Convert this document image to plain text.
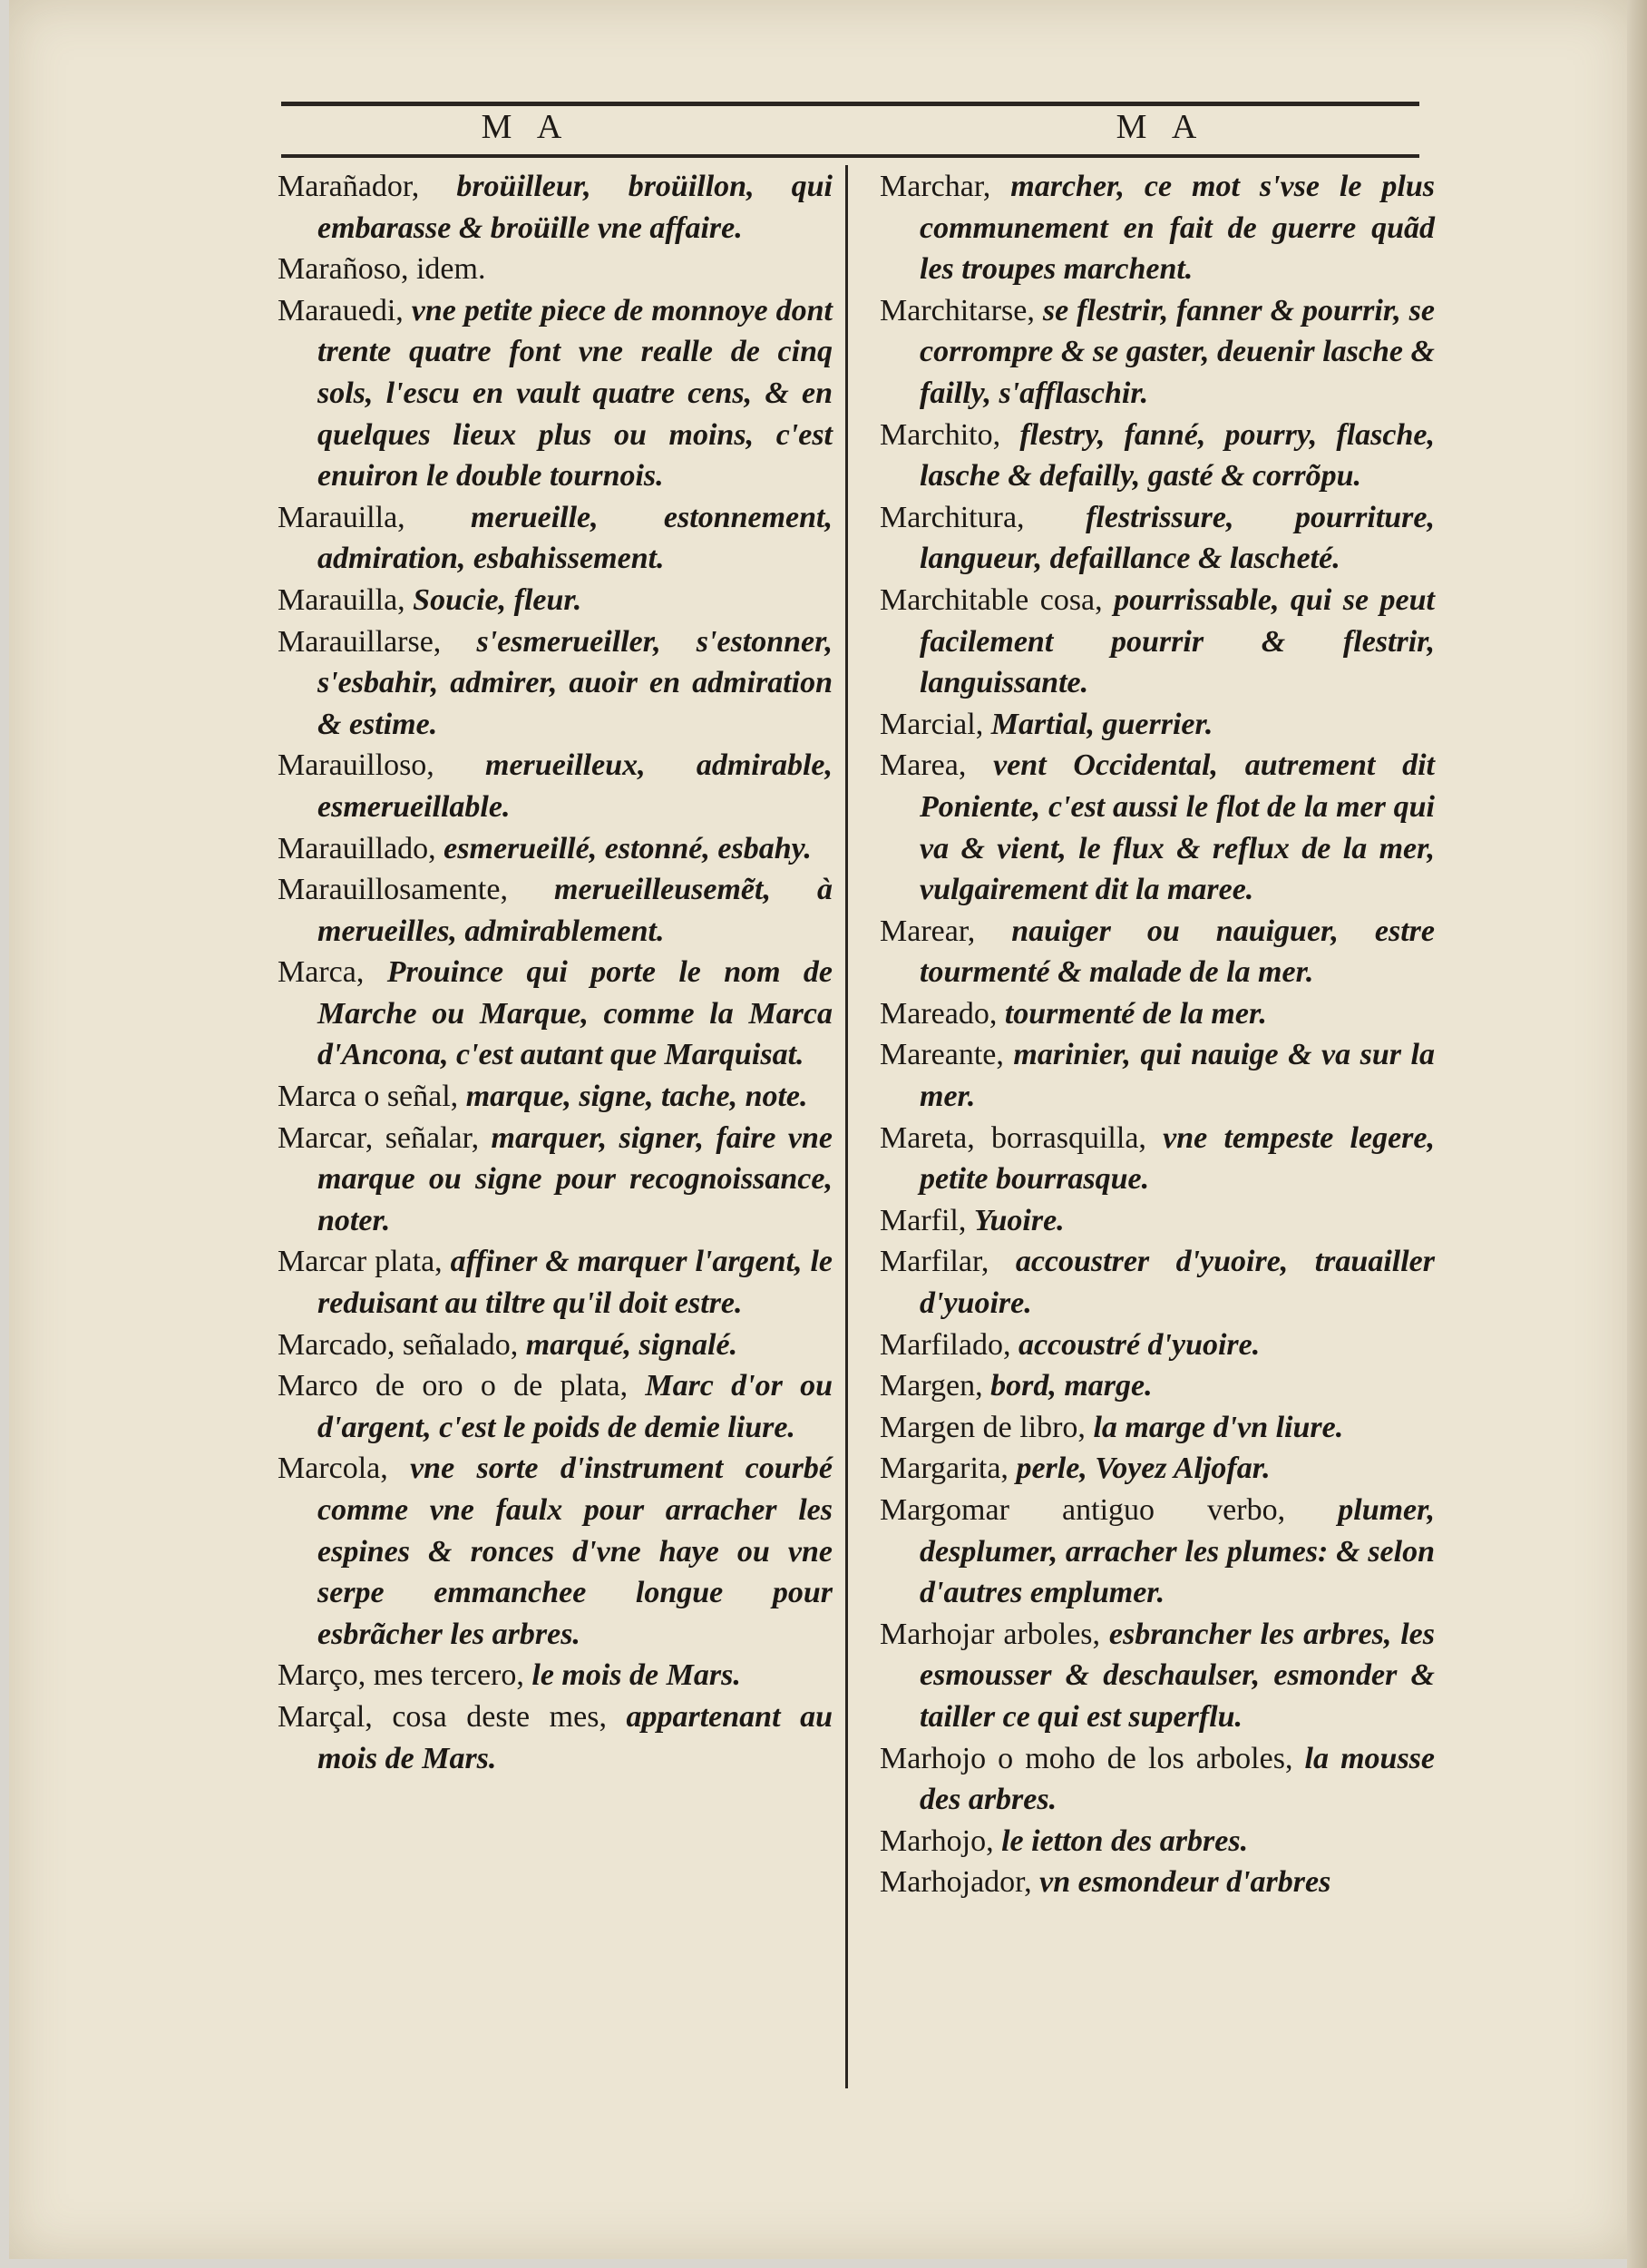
M A	M A

Marañador, broüilleur, broüillon, qui embarasse & broüille vne affaire.

Marañoso, idem.

Marauedi, vne petite piece de monnoye dont trente quatre font vne realle de cinq sols, l'escu en vault quatre cens, & en quelques lieux plus ou moins, c'est enuiron le double tournois.

Marauilla, merueille, estonnement, admiration, esbahissement.

Marauilla, Soucie, fleur.

Marauillarse, s'esmerueiller, s'estonner, s'esbahir, admirer, auoir en admiration & estime.

Marauilloso, merueilleux, admirable, esmerueillable.

Marauillado, esmerueillé, estonné, esbahy.

Marauillosamente, merueilleusemẽt, à merueilles, admirablement.

Marca, Prouince qui porte le nom de Marche ou Marque, comme la Marca d'Ancona, c'est autant que Marquisat.

Marca o señal, marque, signe, tache, note.

Marcar, señalar, marquer, signer, faire vne marque ou signe pour recognoissance, noter.

Marcar plata, affiner & marquer l'argent, le reduisant au tiltre qu'il doit estre.

Marcado, señalado, marqué, signalé.

Marco de oro o de plata, Marc d'or ou d'argent, c'est le poids de demie liure.

Marcola, vne sorte d'instrument courbé comme vne faulx pour arracher les espines & ronces d'vne haye ou vne serpe emmanchee longue pour esbrãcher les arbres.

Março, mes tercero, le mois de Mars.

Marçal, cosa deste mes, appartenant au mois de Mars.

Marchar, marcher, ce mot s'vse le plus communement en fait de guerre quãd les troupes marchent.

Marchitarse, se flestrir, fanner & pourrir, se corrompre & se gaster, deuenir lasche & failly, s'afflaschir.

Marchito, flestry, fanné, pourry, flasche, lasche & defailly, gasté & corrõpu.

Marchitura, flestrissure, pourriture, langueur, defaillance & lascheté.

Marchitable cosa, pourrissable, qui se peut facilement pourrir & flestrir, languissante.

Marcial, Martial, guerrier.

Marea, vent Occidental, autrement dit Poniente, c'est aussi le flot de la mer qui va & vient, le flux & reflux de la mer, vulgairement dit la maree.

Marear, nauiger ou nauiguer, estre tourmenté & malade de la mer.

Mareado, tourmenté de la mer.

Mareante, marinier, qui nauige & va sur la mer.

Mareta, borrasquilla, vne tempeste legere, petite bourrasque.

Marfil, Yuoire.

Marfilar, accoustrer d'yuoire, trauailler d'yuoire.

Marfilado, accoustré d'yuoire.

Margen, bord, marge.

Margen de libro, la marge d'vn liure.

Margarita, perle, Voyez Aljofar.

Margomar antiguo verbo, plumer, desplumer, arracher les plumes: & selon d'autres emplumer.

Marhojar arboles, esbrancher les arbres, les esmousser & deschaulser, esmonder & tailler ce qui est superflu.

Marhojo o moho de los arboles, la mousse des arbres.

Marhojo, le ietton des arbres.

Marhojador, vn esmondeur d'arbres
